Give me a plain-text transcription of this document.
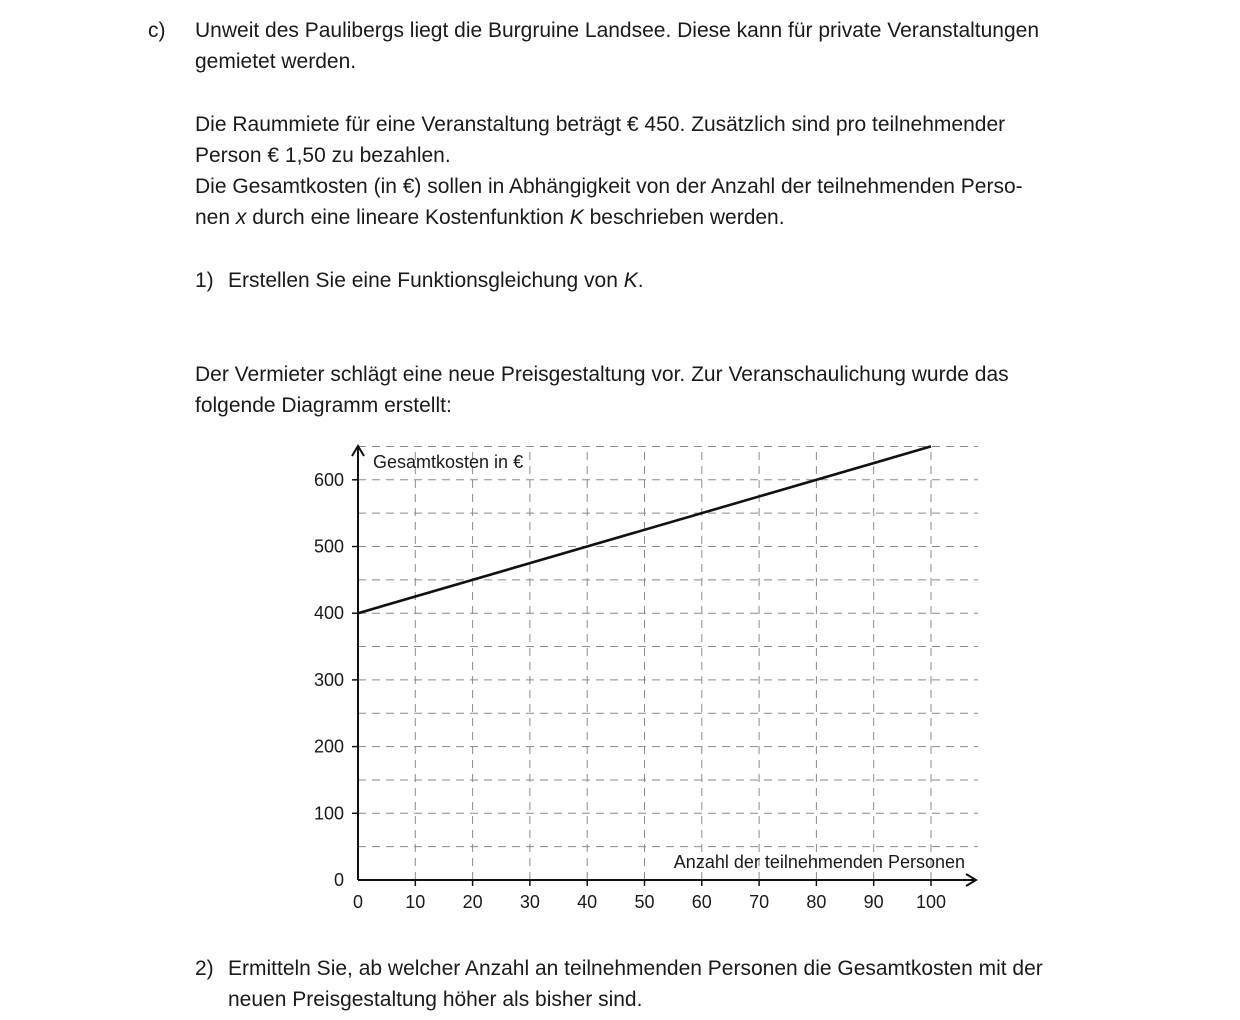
c) Unweit des Paulibergs liegt die Burgruine Landsee. Diese kann für private Veranstaltungen
gemietet werden.
Die Raummiete für eine Veranstaltung beträgt € 450. Zusätzlich sind pro teilnehmender
Person € 1,50 zu bezahlen.
Die Gesamtkosten (in €) sollen in Abhängigkeit von der Anzahl der teilnehmenden Perso-
nen x durch eine lineare Kostenfunktion K beschrieben werden.
1) Erstellen Sie eine Funktionsgleichung von K.
Der Vermieter schlägt eine neue Preisgestaltung vor. Zur Veranschaulichung wurde das
folgende Diagramm erstellt:
0
100
200
300
400
500
600
0 10 20 30 40 50 60 70 80 90 100
Gesamtkosten in €
Anzahl der teilnehmenden Personen
2) Ermitteln Sie, ab welcher Anzahl an teilnehmenden Personen die Gesamtkosten mit der
neuen Preisgestaltung höher als bisher sind.
